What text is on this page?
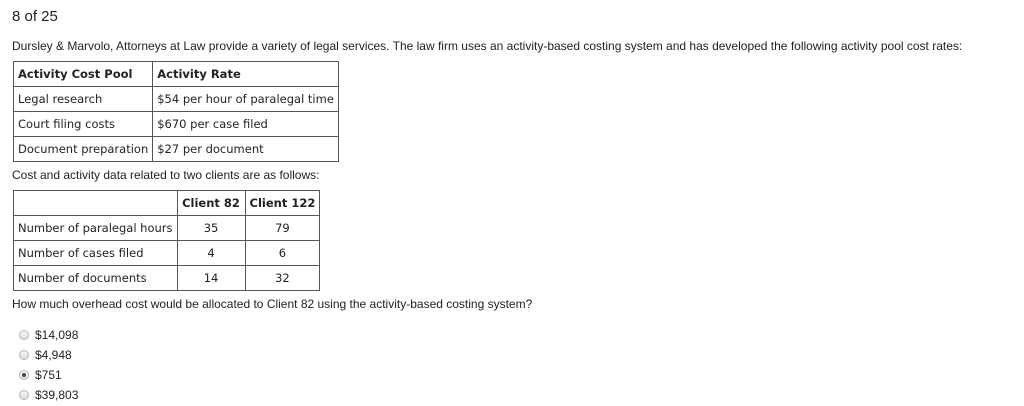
8 of 25
Dursley & Marvolo, Attorneys at Law provide a variety of legal services. The law firm uses an activity-based costing system and has developed the following activity pool cost rates:
Activity Cost Pool	Activity Rate
Legal research	$54 per hour of paralegal time
Court filing costs	$670 per case filed
Document preparation	$27 per document
Cost and activity data related to two clients are as follows:
	Client 82	Client 122
Number of paralegal hours	35	79
Number of cases filed	4	6
Number of documents	14	32
How much overhead cost would be allocated to Client 82 using the activity-based costing system?
$14,098
$4,948
$751
$39,803
